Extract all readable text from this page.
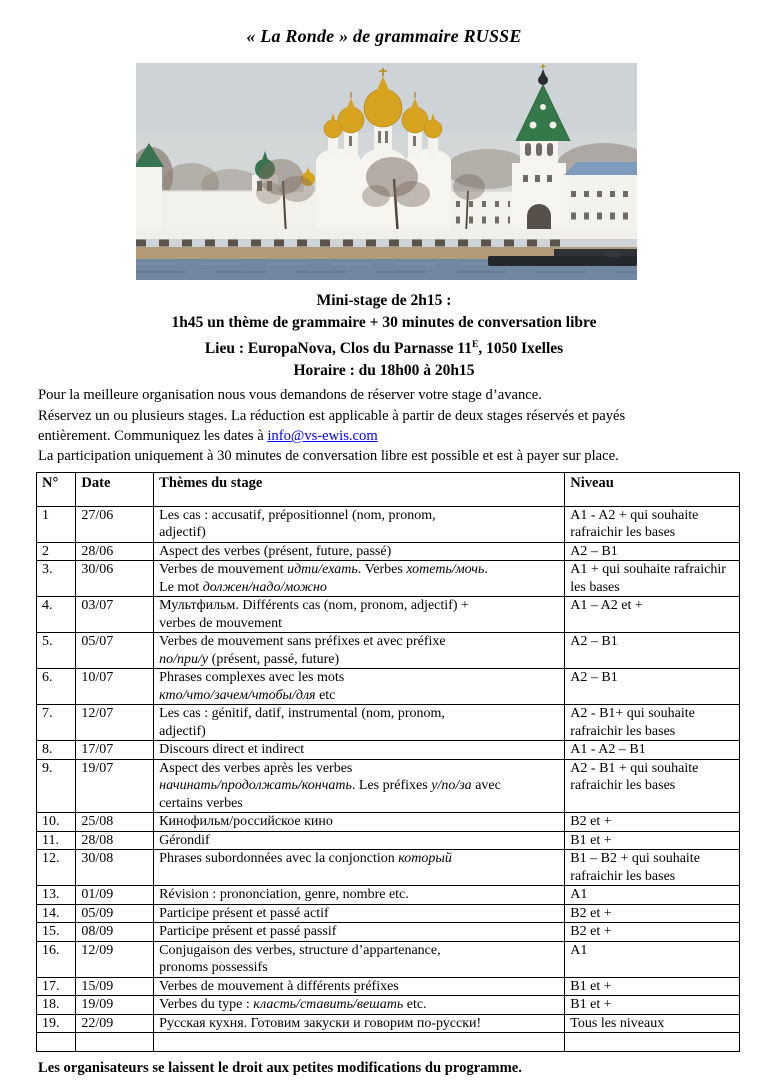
« La Ronde » de grammaire RUSSE
Mini-stage de 2h15 :
1h45 un thème de grammaire + 30 minutes de conversation libre
Lieu : EuropaNova, Clos du Parnasse $11^E$, 1050 Ixelles
Horaire : du 18h00 à 20h15
Pour la meilleure organisation nous vous demandons de réserver votre stage d’avance.
Réservez un ou plusieurs stages. La réduction est applicable à partir de deux stages réservés et payés
entièrement. Communiquez les dates à info@vs-ewis.com
La participation uniquement à 30 minutes de conversation libre est possible et est à payer sur place.
N°	Date	Thèmes du stage	Niveau
1	27/06	Les cas : accusatif, prépositionnel (nom, pronom,
adjectif)	A1 - A2 + qui souhaite rafraichir les bases
2	28/06	Aspect des verbes (présent, future, passé)	A2 – B1
3.	30/06	Verbes de mouvement идти/ехать. Verbes хотеть/мочь.
Le mot должен/надо/можно	A1 + qui souhaite rafraichir les bases
4.	03/07	Мультфильм. Différents cas (nom, pronom, adjectif) +
verbes de mouvement	A1 – A2 et +
5.	05/07	Verbes de mouvement sans préfixes et avec préfixe
по/при/у (présent, passé, future)	A2 – B1
6.	10/07	Phrases complexes avec les mots
кто/что/зачем/чтобы/для etc	A2 – B1
7.	12/07	Les cas : génitif, datif, instrumental (nom, pronom,
adjectif)	A2 - B1+ qui souhaite rafraichir les bases
8.	17/07	Discours direct et indirect	A1 - A2 – B1
9.	19/07	Aspect des verbes après les verbes
начинать/продолжать/кончать. Les préfixes у/по/за avec
certains verbes	A2 - B1 + qui souhaite rafraichir les bases
10.	25/08	Кинофильм/российское кино	B2 et +
11.	28/08	Gérondif	B1 et +
12.	30/08	Phrases subordonnées avec la conjonction который	B1 – B2 + qui souhaite rafraichir les bases
13.	01/09	Révision : prononciation, genre, nombre etc.	A1
14.	05/09	Participe présent et passé actif	B2 et +
15.	08/09	Participe présent et passé passif	B2 et +
16.	12/09	Conjugaison des verbes, structure d’appartenance,
pronoms possessifs	A1
17.	15/09	Verbes de mouvement à différents préfixes	B1 et +
18.	19/09	Verbes du type : класть/ставить/вешать etc.	B1 et +
19.	22/09	Русская кухня. Готовим закуски и говорим по-русски!	Tous les niveaux

Les organisateurs se laissent le droit aux petites modifications du programme.
